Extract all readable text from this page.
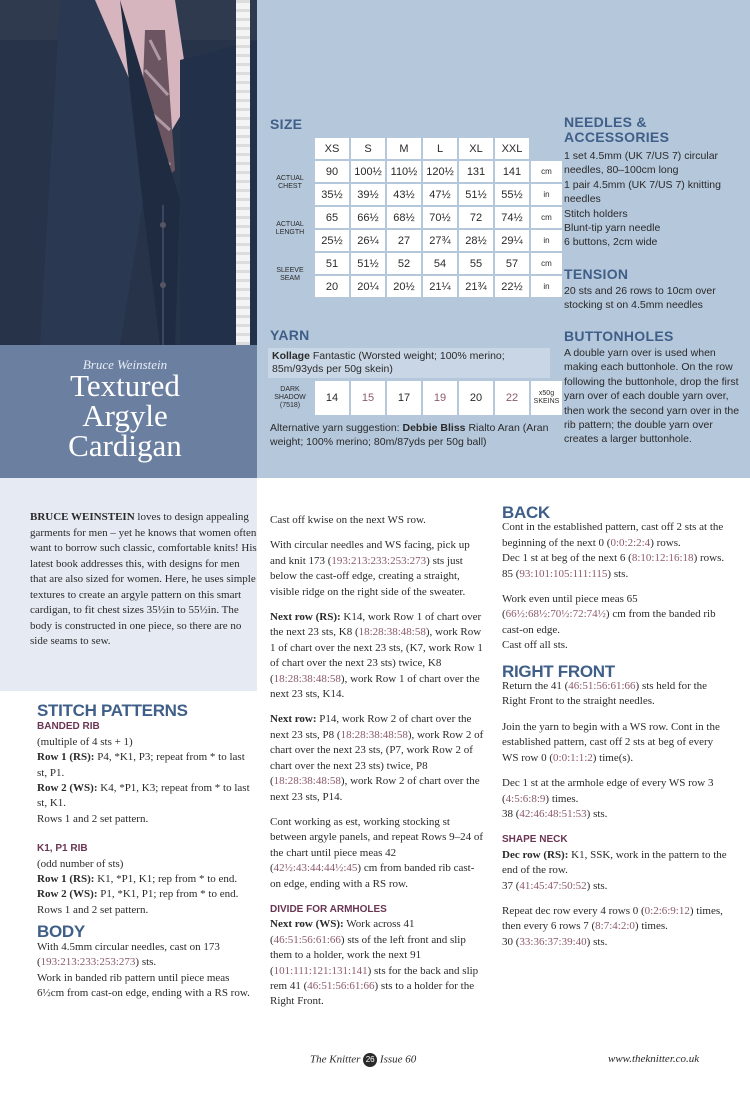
Bruce Weinstein
Textured
Argyle
Cardigan
SIZE
	XS	S	M	L	XL	XXL	
ACTUAL CHEST	90	100½	110½	120½	131	141	cm
	35½	39½	43½	47½	51½	55½	in
ACTUAL LENGTH	65	66½	68½	70½	72	74½	cm
	25½	26¼	27	27¾	28½	29¼	in
SLEEVE SEAM	51	51½	52	54	55	57	cm
	20	20¼	20½	21¼	21¾	22½	in
YARN
Kollage Fantastic (Worsted weight; 100% merino; 85m/93yds per 50g skein)
DARK SHADOW (7518)	14	15	17	19	20	22	x50g SKEINS
Alternative yarn suggestion: Debbie Bliss Rialto Aran (Aran weight; 100% merino; 80m/87yds per 50g ball)
NEEDLES &
ACCESSORIES
1 set 4.5mm (UK 7/US 7) circular needles, 80–100cm long
1 pair 4.5mm (UK 7/US 7) knitting needles
Stitch holders
Blunt-tip yarn needle
6 buttons, 2cm wide
TENSION
20 sts and 26 rows to 10cm over stocking st on 4.5mm needles
BUTTONHOLES
A double yarn over is used when making each buttonhole. On the row following the buttonhole, drop the first yarn over of each double yarn over, then work the second yarn over in the rib pattern; the double yarn over creates a larger buttonhole.
BRUCE WEINSTEIN loves to design appealing garments for men – yet he knows that women often want to borrow such classic, comfortable knits! His latest book addresses this, with designs for men that are also sized for women. Here, he uses simple textures to create an argyle pattern on this smart cardigan, to fit chest sizes 35½in to 55½in. The body is constructed in one piece, so there are no side seams to sew.
STITCH PATTERNS
BANDED RIB
(multiple of 4 sts + 1)
Row 1 (RS): P4, *K1, P3; repeat from * to last st, P1.
Row 2 (WS): K4, *P1, K3; repeat from * to last st, K1.
Rows 1 and 2 set pattern.
K1, P1 RIB
(odd number of sts)
Row 1 (RS): K1, *P1, K1; rep from * to end.
Row 2 (WS): P1, *K1, P1; rep from * to end.
Rows 1 and 2 set pattern.
BODY
With 4.5mm circular needles, cast on 173 (193:213:233:253:273) sts.
Work in banded rib pattern until piece meas 6½cm from cast-on edge, ending with a RS row.

Cast off kwise on the next WS row.

With circular needles and WS facing, pick up and knit 173 (193:213:233:253:273) sts just below the cast-off edge, creating a straight, visible ridge on the right side of the sweater.

Next row (RS): K14, work Row 1 of chart over the next 23 sts, K8 (18:28:38:48:58), work Row 1 of chart over the next 23 sts, (K7, work Row 1 of chart over the next 23 sts) twice, K8 (18:28:38:48:58), work Row 1 of chart over the next 23 sts, K14.

Next row: P14, work Row 2 of chart over the next 23 sts, P8 (18:28:38:48:58), work Row 2 of chart over the next 23 sts, (P7, work Row 2 of chart over the next 23 sts) twice, P8 (18:28:38:48:58), work Row 2 of chart over the next 23 sts, P14.

Cont working as est, working stocking st between argyle panels, and repeat Rows 9–24 of the chart until piece meas 42 (42½:43:44:44½:45) cm from banded rib cast-on edge, ending with a RS row.

DIVIDE FOR ARMHOLES

Next row (WS): Work across 41 (46:51:56:61:66) sts of the left front and slip them to a holder, work the next 91 (101:111:121:131:141) sts for the back and slip rem 41 (46:51:56:61:66) sts to a holder for the Right Front.

BACK
Cont in the established pattern, cast off 2 sts at the beginning of the next 0 (0:0:2:2:4) rows.
Dec 1 st at beg of the next 6 (8:10:12:16:18) rows.

85 (93:101:105:111:115) sts.

Work even until piece meas 65 (66½:68½:70½:72:74½) cm from the banded rib cast-on edge.

Cast off all sts.

RIGHT FRONT

Return the 41 (46:51:56:61:66) sts held for the Right Front to the straight needles.

Join the yarn to begin with a WS row. Cont in the established pattern, cast off 2 sts at beg of every WS row 0 (0:0:1:1:2) time(s).

Dec 1 st at the armhole edge of every WS row 3 (4:5:6:8:9) times.

38 (42:46:48:51:53) sts.

SHAPE NECK
Dec row (RS): K1, SSK, work in the pattern to the end of the row.

37 (41:45:47:50:52) sts.

Repeat dec row every 4 rows 0 (0:2:6:9:12) times, then every 6 rows 7 (8:7:4:2:0) times.
30 (33:36:37:39:40) sts.
The Knitter 26 Issue 60	www.theknitter.co.uk
